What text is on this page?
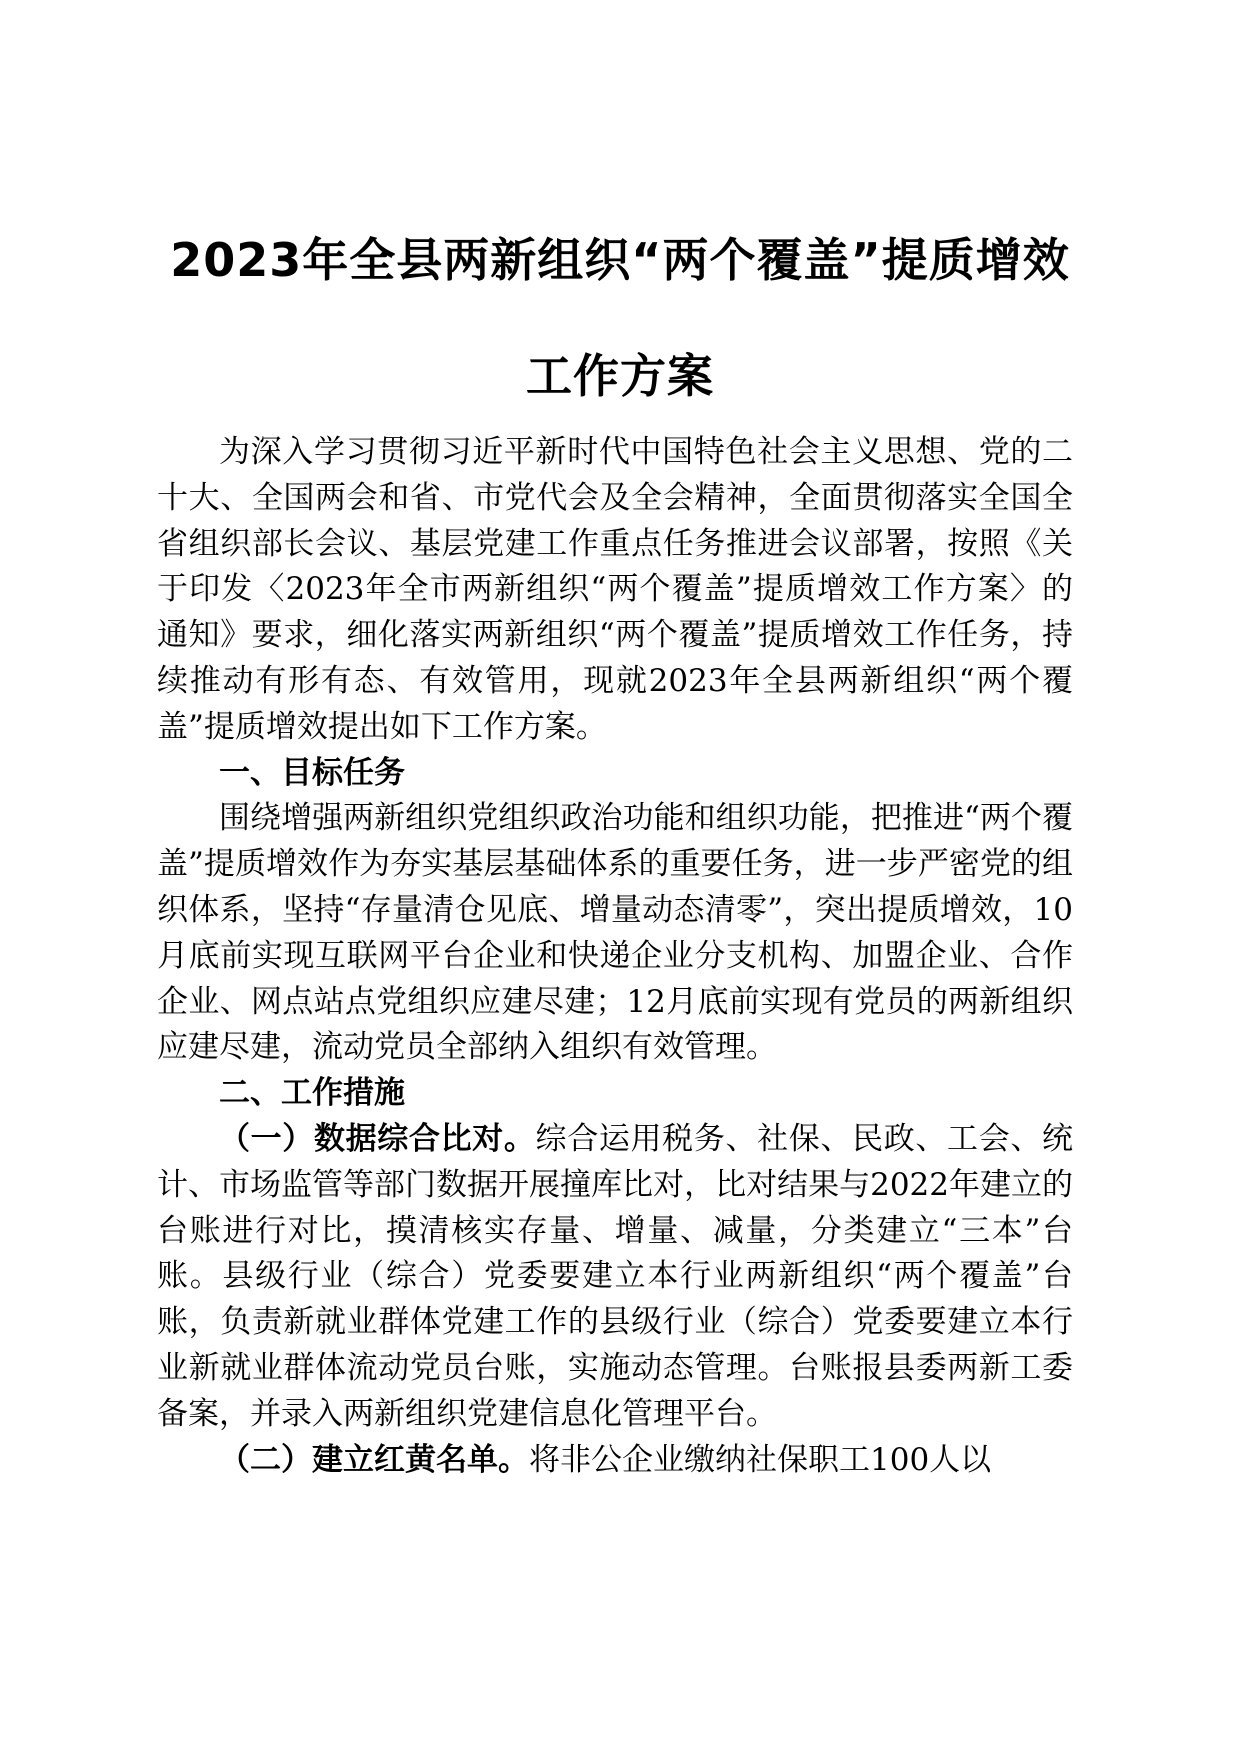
2023年全县两新组织“两个覆盖”提质增效
工作方案

为深入学习贯彻习近平新时代中国特色社会主义思想、党的二十大、全国两会和省、市党代会及全会精神，全面贯彻落实全国全省组织部长会议、基层党建工作重点任务推进会议部署，按照《关于印发〈2023年全市两新组织“两个覆盖”提质增效工作方案〉的通知》要求，细化落实两新组织“两个覆盖”提质增效工作任务，持续推动有形有态、有效管用，现就2023年全县两新组织“两个覆盖”提质增效提出如下工作方案。

一、目标任务

围绕增强两新组织党组织政治功能和组织功能，把推进“两个覆盖”提质增效作为夯实基层基础体系的重要任务，进一步严密党的组织体系，坚持“存量清仓见底、增量动态清零”，突出提质增效，10月底前实现互联网平台企业和快递企业分支机构、加盟企业、合作企业、网点站点党组织应建尽建；12月底前实现有党员的两新组织应建尽建，流动党员全部纳入组织有效管理。

二、工作措施

（一）数据综合比对。综合运用税务、社保、民政、工会、统计、市场监管等部门数据开展撞库比对，比对结果与2022年建立的台账进行对比，摸清核实存量、增量、减量，分类建立“三本”台账。县级行业（综合）党委要建立本行业两新组织“两个覆盖”台账，负责新就业群体党建工作的县级行业（综合）党委要建立本行业新就业群体流动党员台账，实施动态管理。台账报县委两新工委备案，并录入两新组织党建信息化管理平台。

（二）建立红黄名单。将非公企业缴纳社保职工100人以
